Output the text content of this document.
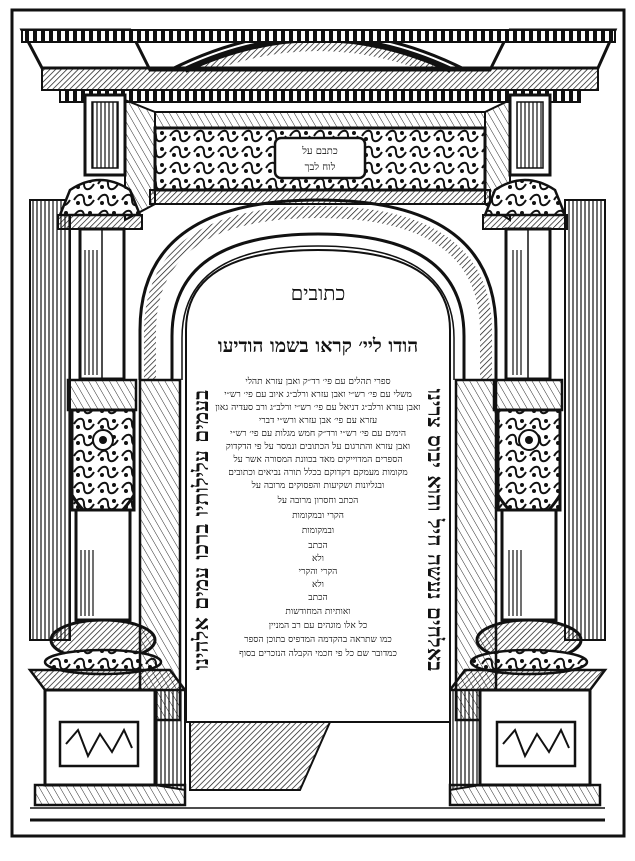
כתבם על
לוח לבך
כתובים
הודו ליי׳ קראו בשמו הודיעו
בעמים עלילותיו ברכו עמים אלהינו	באלחים נעשה חיל והוא יבוס צרינו
ספרי תהלים עם פי׳ רד״ק ואבן עזרא תהלי
משלי עם פי׳ רש״י ואבן עזרא ורלב״ג איוב עם פי׳ רש״י
ואבן עזרא ורלב״ג דניאל עם פי׳ רש״י ורלב״ג ורב סעדיה גאון
עזרא עם פי׳ אבן עזרא ורש״י דברי
הימים עם פי׳ רש״י ורד״ק חמש מגלות עם פי׳ רש״י
ואבן עזרא והתרגום על הכתובים ונמסר על פי הדקדוק
הספרים המדוייקים מאד בכוונת המסורה אשר על
מקומות מעמקם דקדוקם בכלל תורה נביאים וכתובים
ובגליונות ושקיעות והפסוקים מרובה על
הכתב וחסרון מרובה על
הקרי ובמקומות
ובמקומות
הכתב
ולא
הקרי והקרי
ולא
הכתב
ואותיות המחודשות
כל אלו מוגהים עם רב המניין
כמו שתראה בהקדמה המדפיס בתוכן הספר
כמדובר שם כל פי חכמי הקבלה הנזכרים בסוף
